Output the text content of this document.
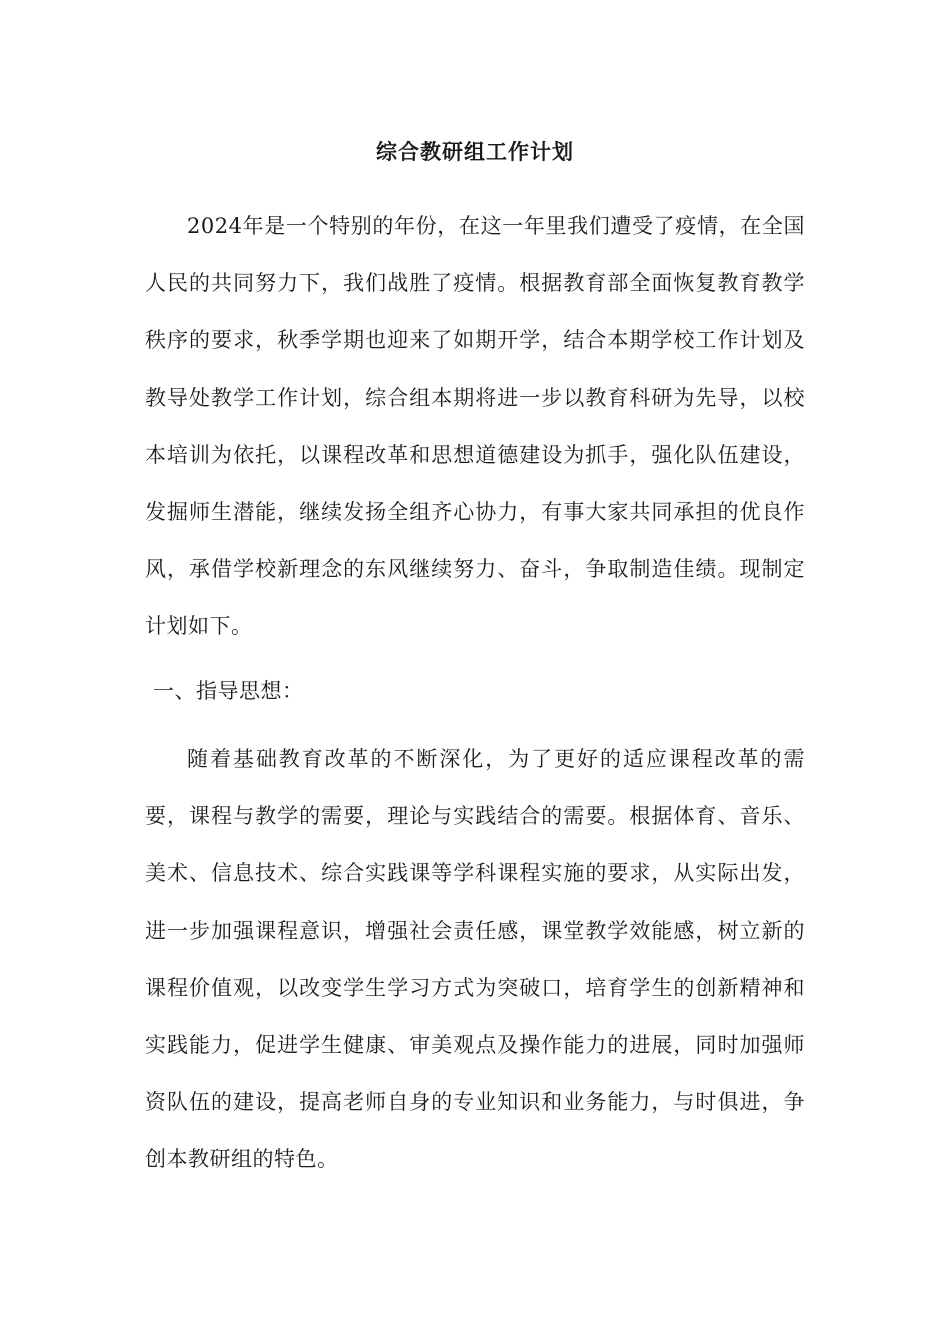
综合教研组工作计划

2024年是一个特别的年份，在这一年里我们遭受了疫情，在全国人民的共同努力下，我们战胜了疫情。根据教育部全面恢复教育教学秩序的要求，秋季学期也迎来了如期开学，结合本期学校工作计划及教导处教学工作计划，综合组本期将进一步以教育科研为先导，以校本培训为依托，以课程改革和思想道德建设为抓手，强化队伍建设，发掘师生潜能，继续发扬全组齐心协力，有事大家共同承担的优良作风，承借学校新理念的东风继续努力、奋斗，争取制造佳绩。现制定计划如下。

一、指导思想：

随着基础教育改革的不断深化，为了更好的适应课程改革的需要，课程与教学的需要，理论与实践结合的需要。根据体育、音乐、美术、信息技术、综合实践课等学科课程实施的要求，从实际出发，进一步加强课程意识，增强社会责任感，课堂教学效能感，树立新的课程价值观，以改变学生学习方式为突破口，培育学生的创新精神和实践能力，促进学生健康、审美观点及操作能力的进展，同时加强师资队伍的建设，提高老师自身的专业知识和业务能力，与时俱进，争创本教研组的特色。
